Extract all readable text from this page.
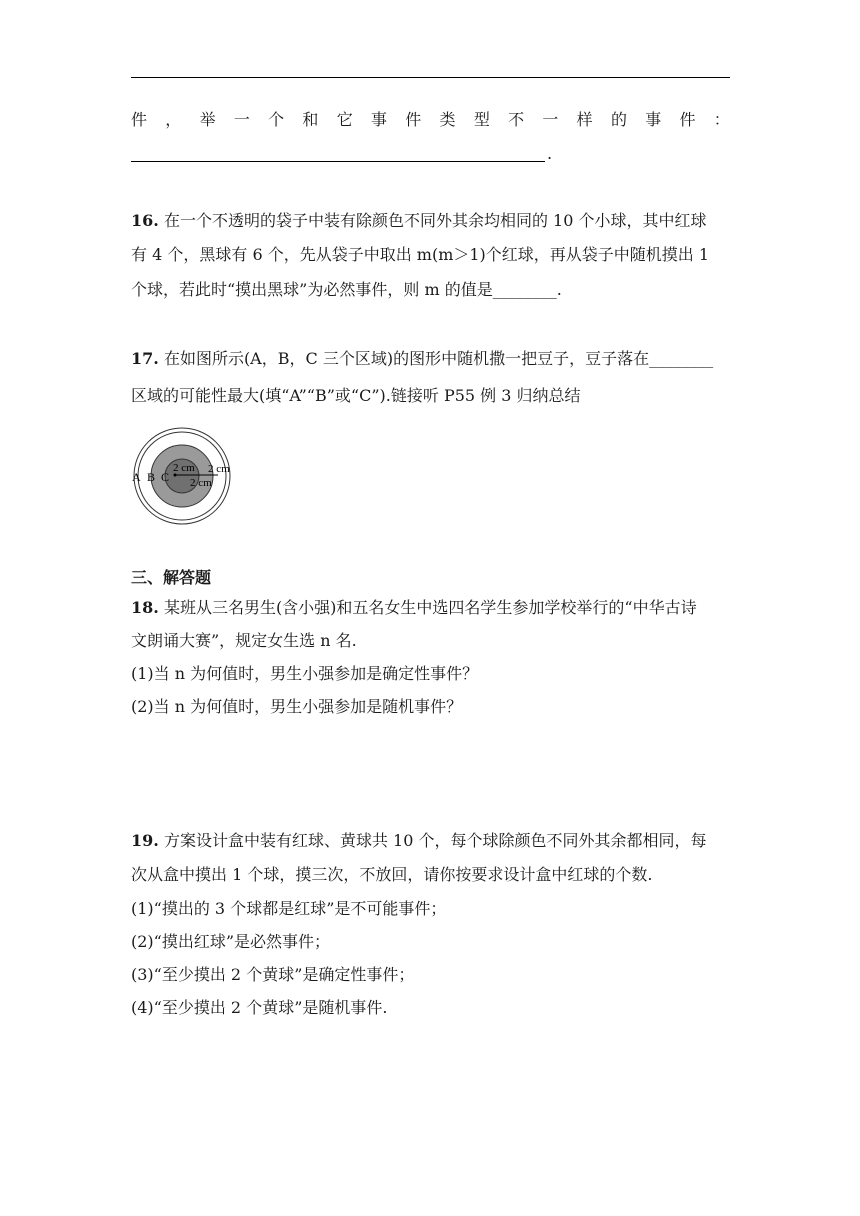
件 ， 举 一 个 和 它 事 件 类 型 不 一 样 的 事 件 ：
.
16. 在一个不透明的袋子中装有除颜色不同外其余均相同的 10 个小球，其中红球
有 4 个，黑球有 6 个，先从袋子中取出 m(m＞1)个红球，再从袋子中随机摸出 1
个球，若此时“摸出黑球”为必然事件，则 m 的值是________.
17. 在如图所示(A，B，C 三个区域)的图形中随机撒一把豆子，豆子落在________
区域的可能性最大(填“A”“B”或“C”).链接听 P55 例 3 归纳总结
A B C
2 cm 2 cm
2 cm
三、解答题
18. 某班从三名男生(含小强)和五名女生中选四名学生参加学校举行的“中华古诗
文朗诵大赛”，规定女生选 n 名.
(1)当 n 为何值时，男生小强参加是确定性事件？
(2)当 n 为何值时，男生小强参加是随机事件？
19. 方案设计盒中装有红球、黄球共 10 个，每个球除颜色不同外其余都相同，每
次从盒中摸出 1 个球，摸三次，不放回，请你按要求设计盒中红球的个数.
(1)“摸出的 3 个球都是红球”是不可能事件；
(2)“摸出红球”是必然事件；
(3)“至少摸出 2 个黄球”是确定性事件；
(4)“至少摸出 2 个黄球”是随机事件.
